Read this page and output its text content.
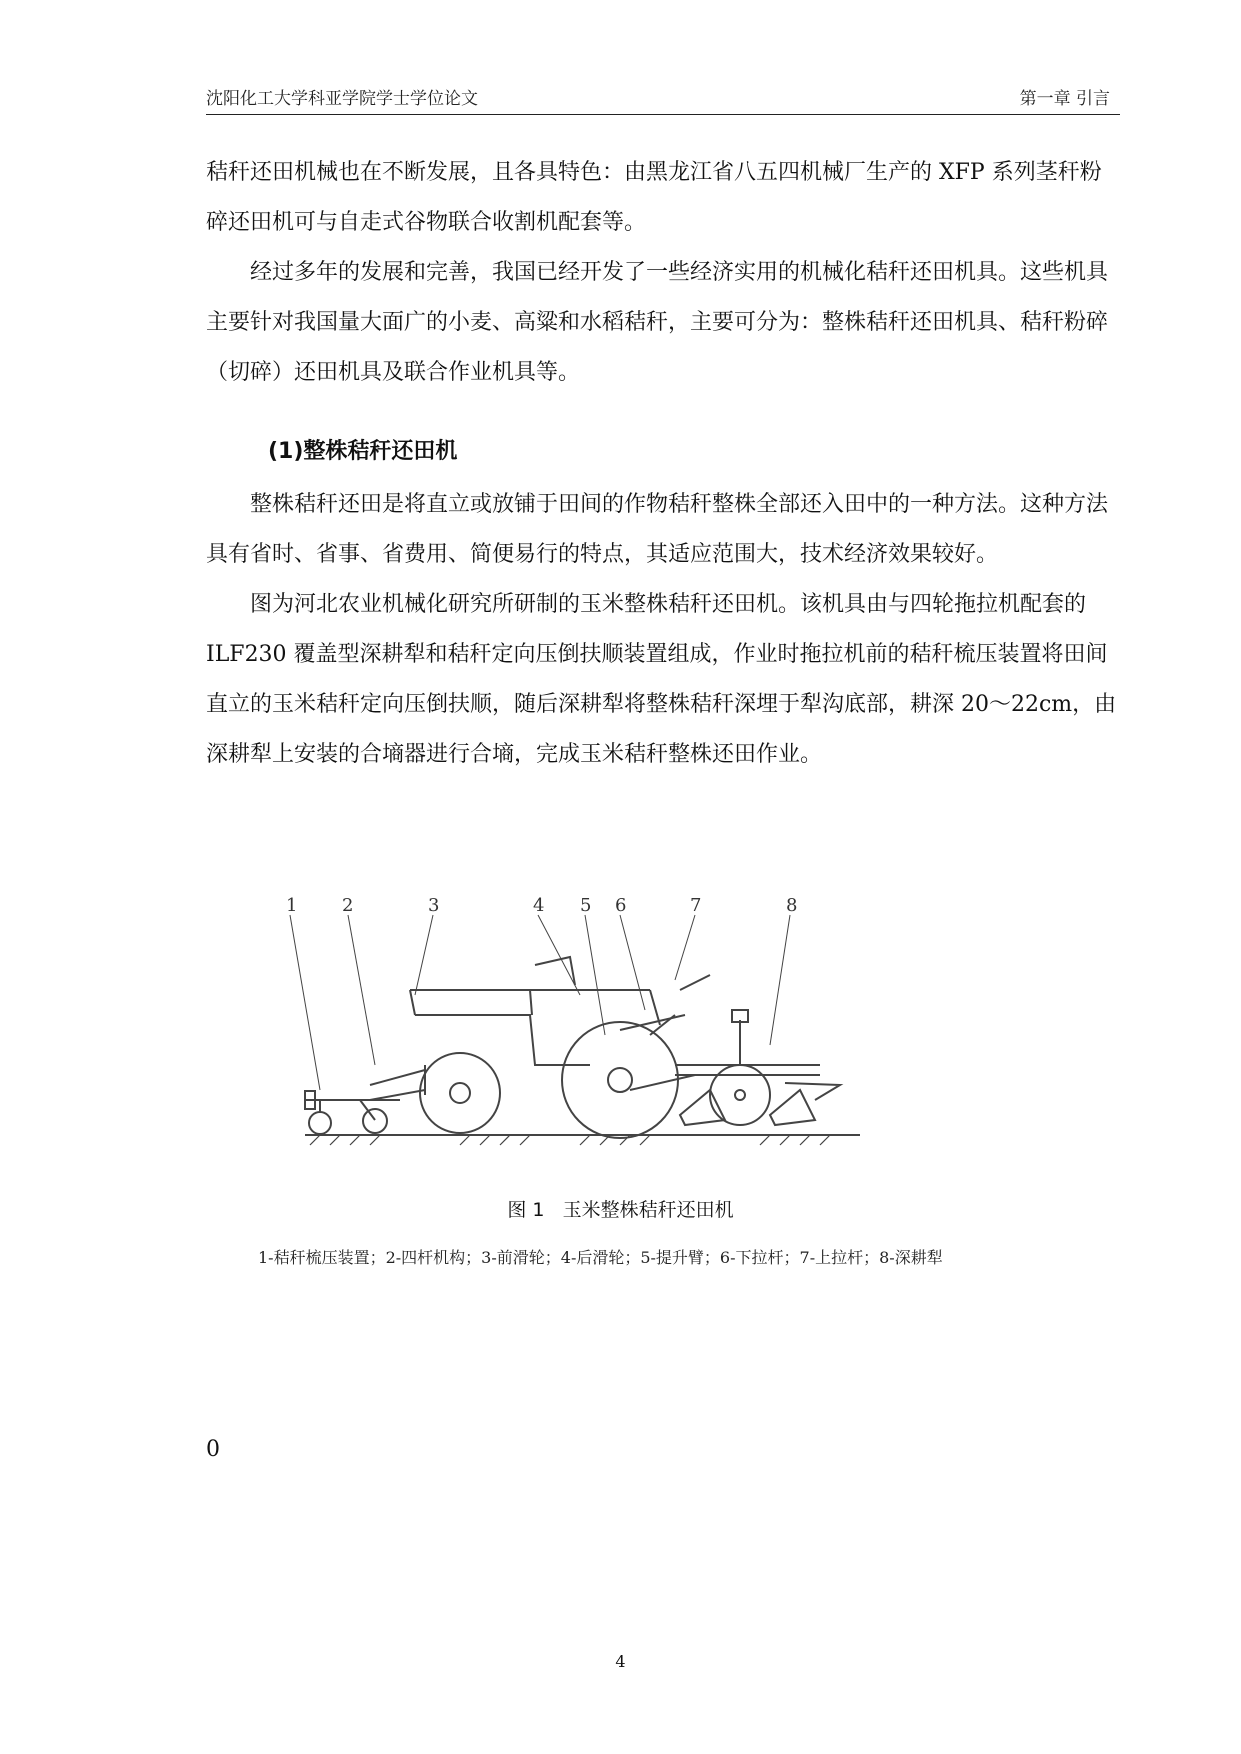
沈阳化工大学科亚学院学士学位论文	第一章 引言

秸秆还田机械也在不断发展，且各具特色：由黑龙江省八五四机械厂生产的 XFP 系列茎秆粉碎还田机可与自走式谷物联合收割机配套等。

经过多年的发展和完善，我国已经开发了一些经济实用的机械化秸秆还田机具。这些机具主要针对我国量大面广的小麦、高粱和水稻秸秆，主要可分为：整株秸秆还田机具、秸秆粉碎（切碎）还田机具及联合作业机具等。

(1)整株秸秆还田机

整株秸秆还田是将直立或放铺于田间的作物秸秆整株全部还入田中的一种方法。这种方法具有省时、省事、省费用、简便易行的特点，其适应范围大，技术经济效果较好。

图为河北农业机械化研究所研制的玉米整株秸秆还田机。该机具由与四轮拖拉机配套的 ILF230 覆盖型深耕犁和秸秆定向压倒扶顺装置组成，作业时拖拉机前的秸秆梳压装置将田间直立的玉米秸秆定向压倒扶顺，随后深耕犁将整株秸秆深埋于犁沟底部，耕深 20～22cm，由深耕犁上安装的合墒器进行合墒，完成玉米秸秆整株还田作业。

1 2	3	4 5 6	7	8
图 1 玉米整株秸秆还田机
1-秸秆梳压装置；2-四杆机构；3-前滑轮；4-后滑轮；5-提升臂；6-下拉杆；7-上拉杆；8-深耕犁
0
4
